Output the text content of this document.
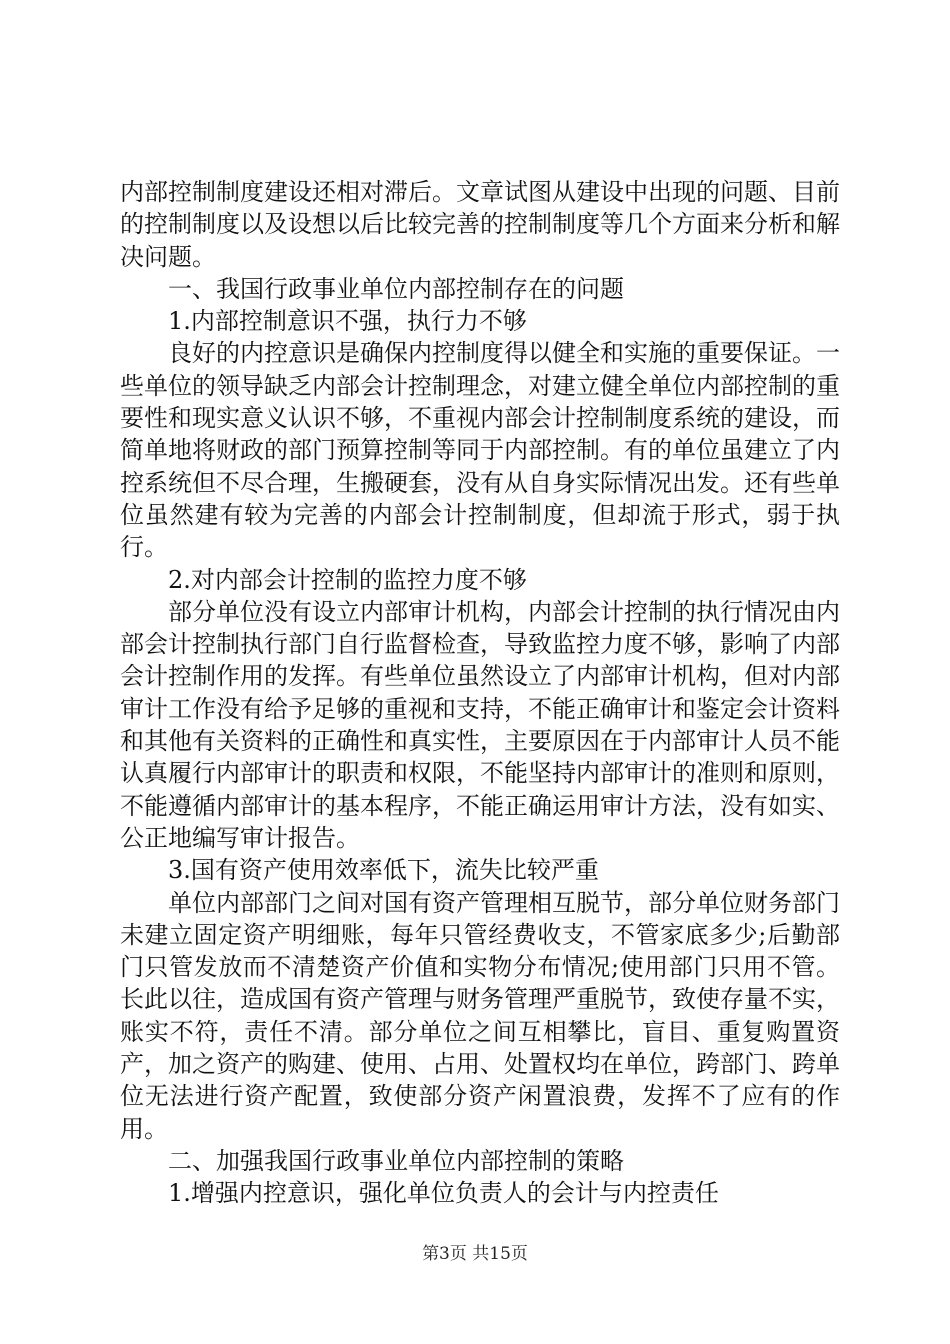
内部控制制度建设还相对滞后。文章试图从建设中出现的问题、目前的控制制度以及设想以后比较完善的控制制度等几个方面来分析和解决问题。

一、我国行政事业单位内部控制存在的问题

1.内部控制意识不强，执行力不够

良好的内控意识是确保内控制度得以健全和实施的重要保证。一些单位的领导缺乏内部会计控制理念，对建立健全单位内部控制的重要性和现实意义认识不够，不重视内部会计控制制度系统的建设，而简单地将财政的部门预算控制等同于内部控制。有的单位虽建立了内控系统但不尽合理，生搬硬套，没有从自身实际情况出发。还有些单位虽然建有较为完善的内部会计控制制度，但却流于形式，弱于执行。

2.对内部会计控制的监控力度不够

部分单位没有设立内部审计机构，内部会计控制的执行情况由内部会计控制执行部门自行监督检查，导致监控力度不够，影响了内部会计控制作用的发挥。有些单位虽然设立了内部审计机构，但对内部审计工作没有给予足够的重视和支持，不能正确审计和鉴定会计资料和其他有关资料的正确性和真实性，主要原因在于内部审计人员不能认真履行内部审计的职责和权限，不能坚持内部审计的准则和原则，不能遵循内部审计的基本程序，不能正确运用审计方法，没有如实、公正地编写审计报告。

3.国有资产使用效率低下，流失比较严重

单位内部部门之间对国有资产管理相互脱节，部分单位财务部门未建立固定资产明细账，每年只管经费收支，不管家底多少;后勤部门只管发放而不清楚资产价值和实物分布情况;使用部门只用不管。长此以往，造成国有资产管理与财务管理严重脱节，致使存量不实，账实不符，责任不清。部分单位之间互相攀比，盲目、重复购置资产，加之资产的购建、使用、占用、处置权均在单位，跨部门、跨单位无法进行资产配置，致使部分资产闲置浪费，发挥不了应有的作用。

二、加强我国行政事业单位内部控制的策略

1.增强内控意识，强化单位负责人的会计与内控责任

第3页 共15页
